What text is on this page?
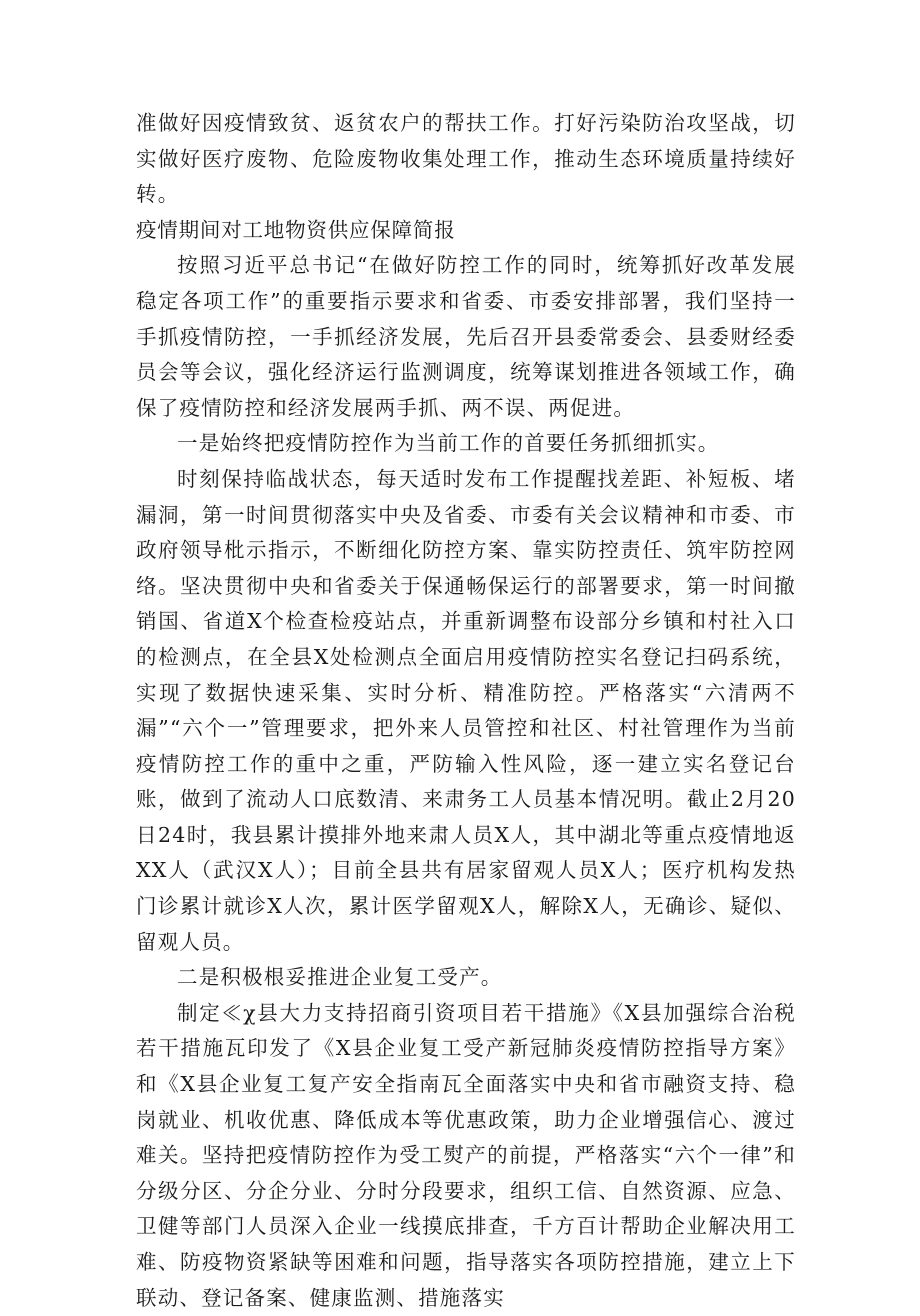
准做好因疫情致贫、返贫农户的帮扶工作。打好污染防治攻坚战，切实做好医疗废物、危险废物收集处理工作，推动生态环境质量持续好转。

疫情期间对工地物资供应保障简报

按照习近平总书记“在做好防控工作的同时，统筹抓好改革发展稳定各项工作”的重要指示要求和省委、市委安排部署，我们坚持一手抓疫情防控，一手抓经济发展，先后召开县委常委会、县委财经委员会等会议，强化经济运行监测调度，统筹谋划推进各领域工作，确保了疫情防控和经济发展两手抓、两不误、两促进。

一是始终把疫情防控作为当前工作的首要任务抓细抓实。

时刻保持临战状态，每天适时发布工作提醒找差距、补短板、堵漏洞，第一时间贯彻落实中央及省委、市委有关会议精神和市委、市政府领导枇示指示，不断细化防控方案、靠实防控责任、筑牢防控网络。坚决贯彻中央和省委关于保通畅保运行的部署要求，第一时间撤销国、省道X个检查检疫站点，并重新调整布设部分乡镇和村社入口的检测点，在全县X处检测点全面启用疫情防控实名登记扫码系统，实现了数据快速采集、实时分析、精准防控。严格落实“六清两不漏”“六个一”管理要求，把外来人员管控和社区、村社管理作为当前疫情防控工作的重中之重，严防输入性风险，逐一建立实名登记台账，做到了流动人口底数清、来肃务工人员基本情况明。截止2月20日24时，我县累计摸排外地来肃人员X人，其中湖北等重点疫情地返XX人（武汉X人）；目前全县共有居家留观人员X人；医疗机构发热门诊累计就诊X人次，累计医学留观X人，解除X人，无确诊、疑似、留观人员。

二是积极根妥推进企业复工受产。

制定≪χ县大力支持招商引资项目若干措施》《X县加强综合治税若干措施瓦印发了《X县企业复工受产新冠肺炎疫情防控指导方案》和《X县企业复工复产安全指南瓦全面落实中央和省市融资支持、稳岗就业、机收优惠、降低成本等优惠政策，助力企业增强信心、渡过难关。坚持把疫情防控作为受工熨产的前提，严格落实“六个一律”和分级分区、分企分业、分时分段要求，组织工信、自然资源、应急、卫健等部门人员深入企业一线摸底排查，千方百计帮助企业解决用工难、防疫物资紧缺等困难和问题，指导落实各项防控措施，建立上下联动、登记备案、健康监测、措施落实
